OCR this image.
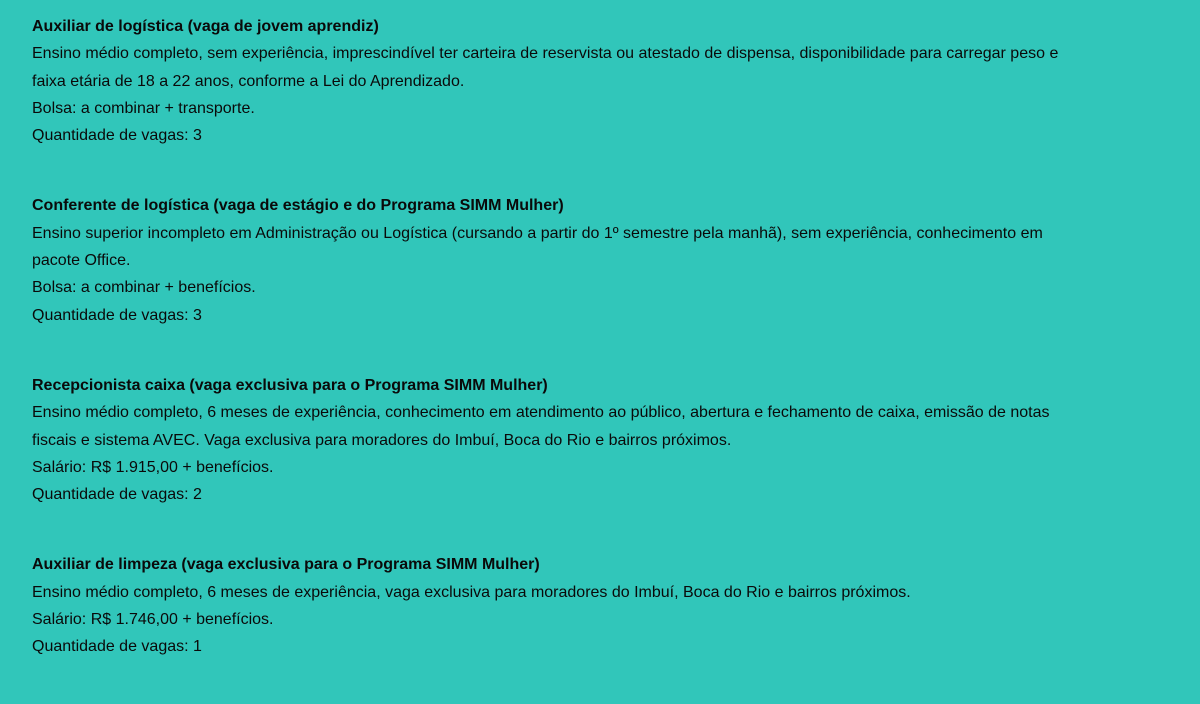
Auxiliar de logística (vaga de jovem aprendiz)

Ensino médio completo, sem experiência, imprescindível ter carteira de reservista ou atestado de dispensa, disponibilidade para carregar peso e faixa etária de 18 a 22 anos, conforme a Lei do Aprendizado.

Bolsa: a combinar + transporte.

Quantidade de vagas: 3

Conferente de logística (vaga de estágio e do Programa SIMM Mulher)

Ensino superior incompleto em Administração ou Logística (cursando a partir do 1º semestre pela manhã), sem experiência, conhecimento em pacote Office.

Bolsa: a combinar + benefícios.

Quantidade de vagas: 3

Recepcionista caixa (vaga exclusiva para o Programa SIMM Mulher)

Ensino médio completo, 6 meses de experiência, conhecimento em atendimento ao público, abertura e fechamento de caixa, emissão de notas fiscais e sistema AVEC. Vaga exclusiva para moradores do Imbuí, Boca do Rio e bairros próximos.

Salário: R$ 1.915,00 + benefícios.

Quantidade de vagas: 2

Auxiliar de limpeza (vaga exclusiva para o Programa SIMM Mulher)

Ensino médio completo, 6 meses de experiência, vaga exclusiva para moradores do Imbuí, Boca do Rio e bairros próximos.

Salário: R$ 1.746,00 + benefícios.

Quantidade de vagas: 1
